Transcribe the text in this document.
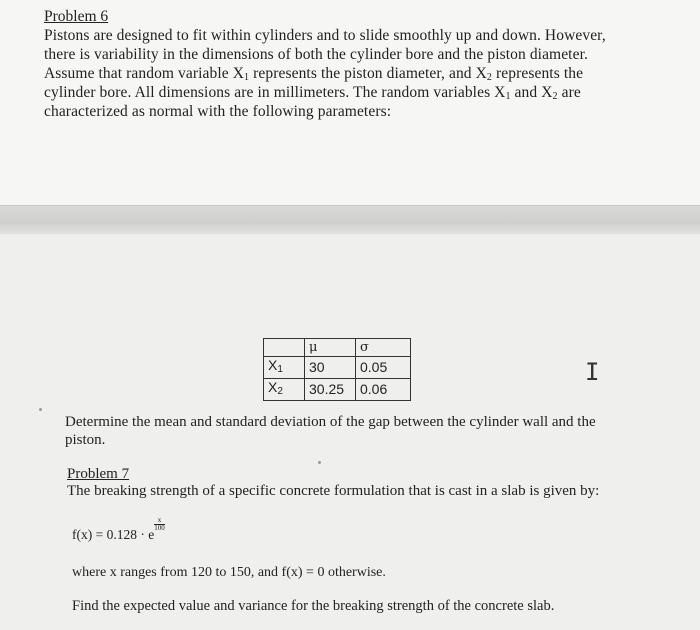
Problem 6

Pistons are designed to fit within cylinders and to slide smoothly up and down. However,

there is variability in the dimensions of both the cylinder bore and the piston diameter.

Assume that random variable $X_1$ represents the piston diameter, and $X_2$ represents the

cylinder bore. All dimensions are in millimeters. The random variables $X_1$ and $X_2$ are

characterized as normal with the following parameters:

	μ	σ
$X_1$	30	0.05
$X_2$	30.25	0.06
I

Determine the mean and standard deviation of the gap between the cylinder wall and the

piston.

Problem 7

The breaking strength of a specific concrete formulation that is cast in a slab is given by:

f(x) = 0.128 · e
$\frac{x}{100}$

where x ranges from 120 to 150, and f(x) = 0 otherwise.

Find the expected value and variance for the breaking strength of the concrete slab.
